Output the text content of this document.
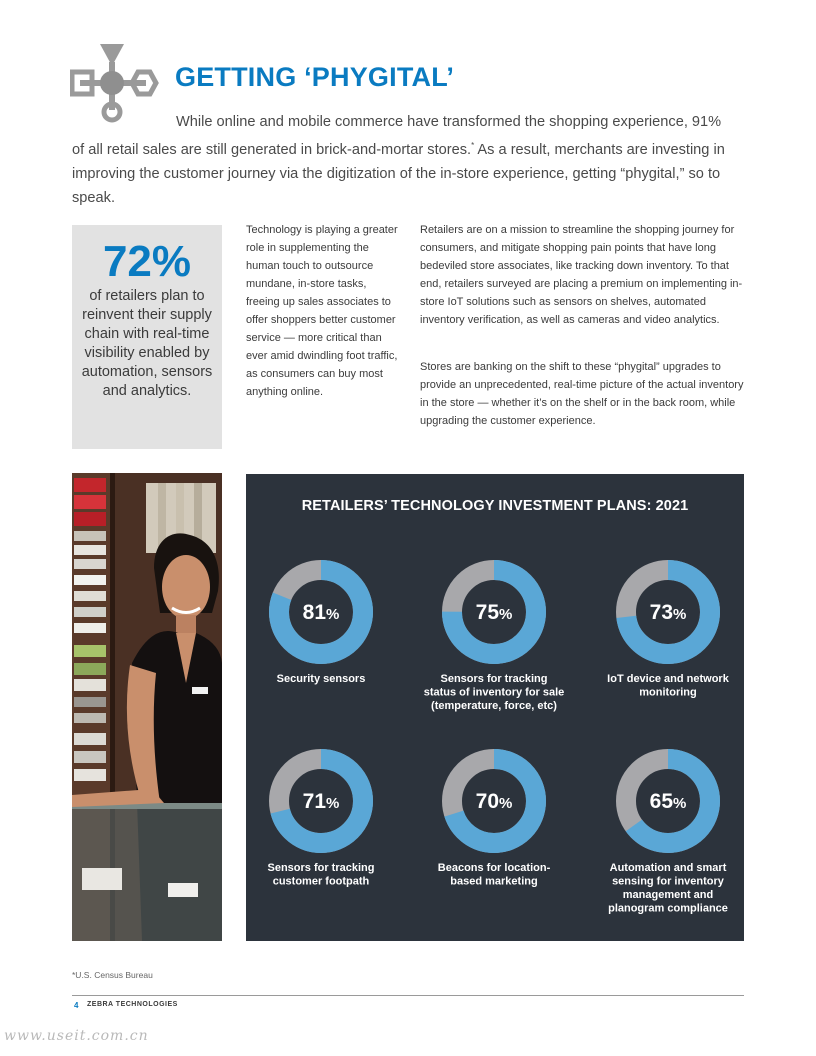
GETTING ‘PHYGITAL’

While online and mobile commerce have transformed the shopping experience, 91% of all retail sales are still generated in brick-and-mortar stores.* As a result, merchants are investing in improving the customer journey via the digitization of the in-store experience, getting “phygital,” so to speak.

72%
of retailers plan to reinvent their supply chain with real-time visibility enabled by automation, sensors and analytics.

Technology is playing a greater role in supplementing the human touch to outsource mundane, in-store tasks, freeing up sales associates to offer shoppers better customer service — more critical than ever amid dwindling foot traffic, as consumers can buy most anything online.

Retailers are on a mission to streamline the shopping journey for consumers, and mitigate shopping pain points that have long bedeviled store associates, like tracking down inventory. To that end, retailers surveyed are placing a premium on implementing in-store IoT solutions such as sensors on shelves, automated inventory verification, as well as cameras and video analytics.

Stores are banking on the shift to these “phygital” upgrades to provide an unprecedented, real-time picture of the actual inventory in the store — whether it’s on the shelf or in the back room, while upgrading the customer experience.

RETAILERS’ TECHNOLOGY INVESTMENT PLANS: 2021
81%
Security sensors
75%
Sensors for tracking status of inventory for sale (temperature, force, etc)
73%
IoT device and network monitoring
71%
Sensors for tracking customer footpath
70%
Beacons for location-based marketing
65%
Automation and smart sensing for inventory management and planogram compliance
*U.S. Census Bureau
4 ZEBRA TECHNOLOGIES
www.useit.com.cn
